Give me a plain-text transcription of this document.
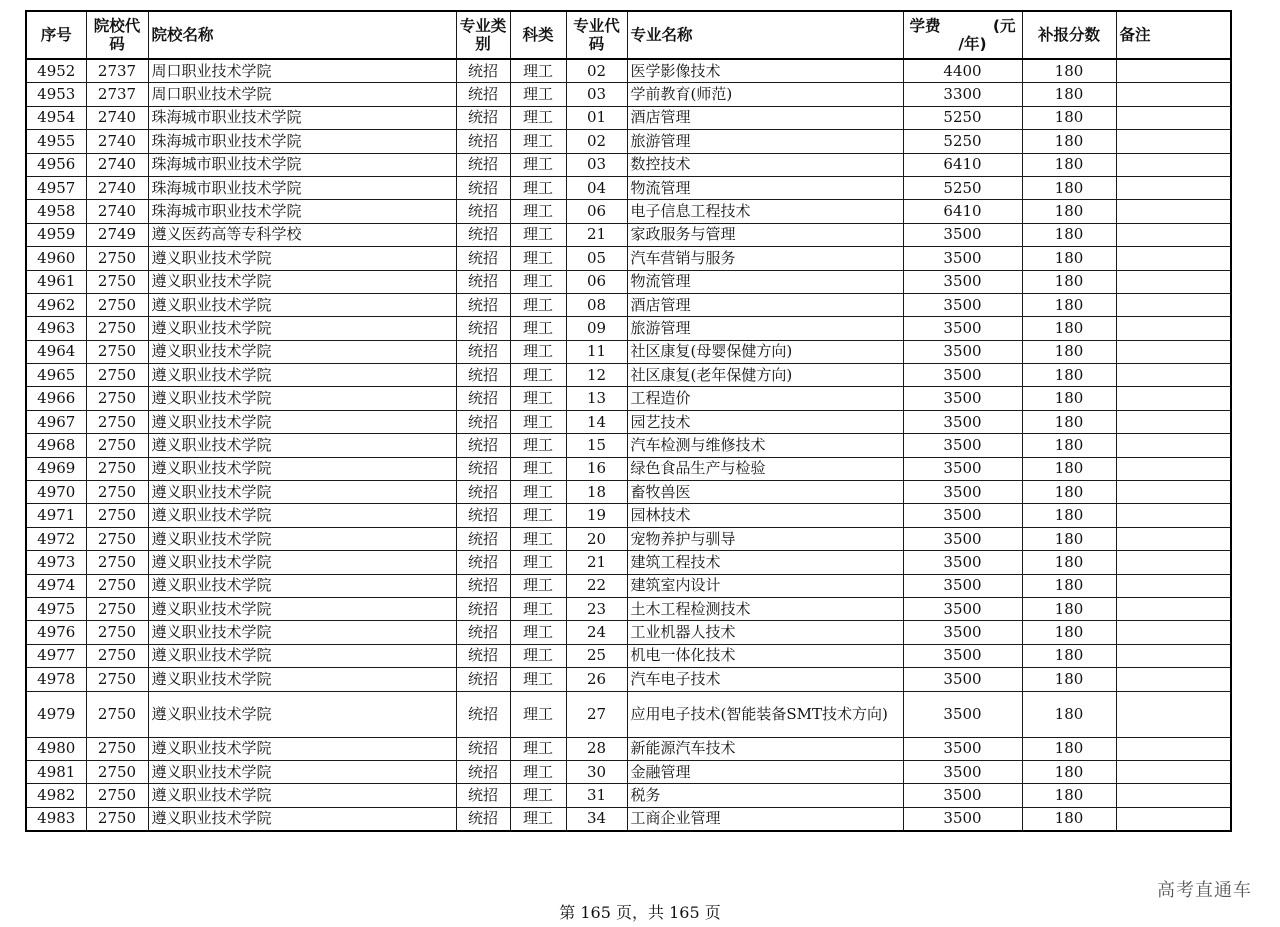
序号	院校代码	院校名称	专业类别	科类	专业代码	专业名称	学费 (元
/年)	补报分数	备注
4952	2737	周口职业技术学院	统招	理工	02	医学影像技术	4400	180	
4953	2737	周口职业技术学院	统招	理工	03	学前教育(师范)	3300	180	
4954	2740	珠海城市职业技术学院	统招	理工	01	酒店管理	5250	180	
4955	2740	珠海城市职业技术学院	统招	理工	02	旅游管理	5250	180	
4956	2740	珠海城市职业技术学院	统招	理工	03	数控技术	6410	180	
4957	2740	珠海城市职业技术学院	统招	理工	04	物流管理	5250	180	
4958	2740	珠海城市职业技术学院	统招	理工	06	电子信息工程技术	6410	180	
4959	2749	遵义医药高等专科学校	统招	理工	21	家政服务与管理	3500	180	
4960	2750	遵义职业技术学院	统招	理工	05	汽车营销与服务	3500	180	
4961	2750	遵义职业技术学院	统招	理工	06	物流管理	3500	180	
4962	2750	遵义职业技术学院	统招	理工	08	酒店管理	3500	180	
4963	2750	遵义职业技术学院	统招	理工	09	旅游管理	3500	180	
4964	2750	遵义职业技术学院	统招	理工	11	社区康复(母婴保健方向)	3500	180	
4965	2750	遵义职业技术学院	统招	理工	12	社区康复(老年保健方向)	3500	180	
4966	2750	遵义职业技术学院	统招	理工	13	工程造价	3500	180	
4967	2750	遵义职业技术学院	统招	理工	14	园艺技术	3500	180	
4968	2750	遵义职业技术学院	统招	理工	15	汽车检测与维修技术	3500	180	
4969	2750	遵义职业技术学院	统招	理工	16	绿色食品生产与检验	3500	180	
4970	2750	遵义职业技术学院	统招	理工	18	畜牧兽医	3500	180	
4971	2750	遵义职业技术学院	统招	理工	19	园林技术	3500	180	
4972	2750	遵义职业技术学院	统招	理工	20	宠物养护与驯导	3500	180	
4973	2750	遵义职业技术学院	统招	理工	21	建筑工程技术	3500	180	
4974	2750	遵义职业技术学院	统招	理工	22	建筑室内设计	3500	180	
4975	2750	遵义职业技术学院	统招	理工	23	土木工程检测技术	3500	180	
4976	2750	遵义职业技术学院	统招	理工	24	工业机器人技术	3500	180	
4977	2750	遵义职业技术学院	统招	理工	25	机电一体化技术	3500	180	
4978	2750	遵义职业技术学院	统招	理工	26	汽车电子技术	3500	180	
4979	2750	遵义职业技术学院	统招	理工	27	应用电子技术(智能装备SMT技术方向)	3500	180	
4980	2750	遵义职业技术学院	统招	理工	28	新能源汽车技术	3500	180	
4981	2750	遵义职业技术学院	统招	理工	30	金融管理	3500	180	
4982	2750	遵义职业技术学院	统招	理工	31	税务	3500	180	
4983	2750	遵义职业技术学院	统招	理工	34	工商企业管理	3500	180	
高考直通车
第 165 页，共 165 页
